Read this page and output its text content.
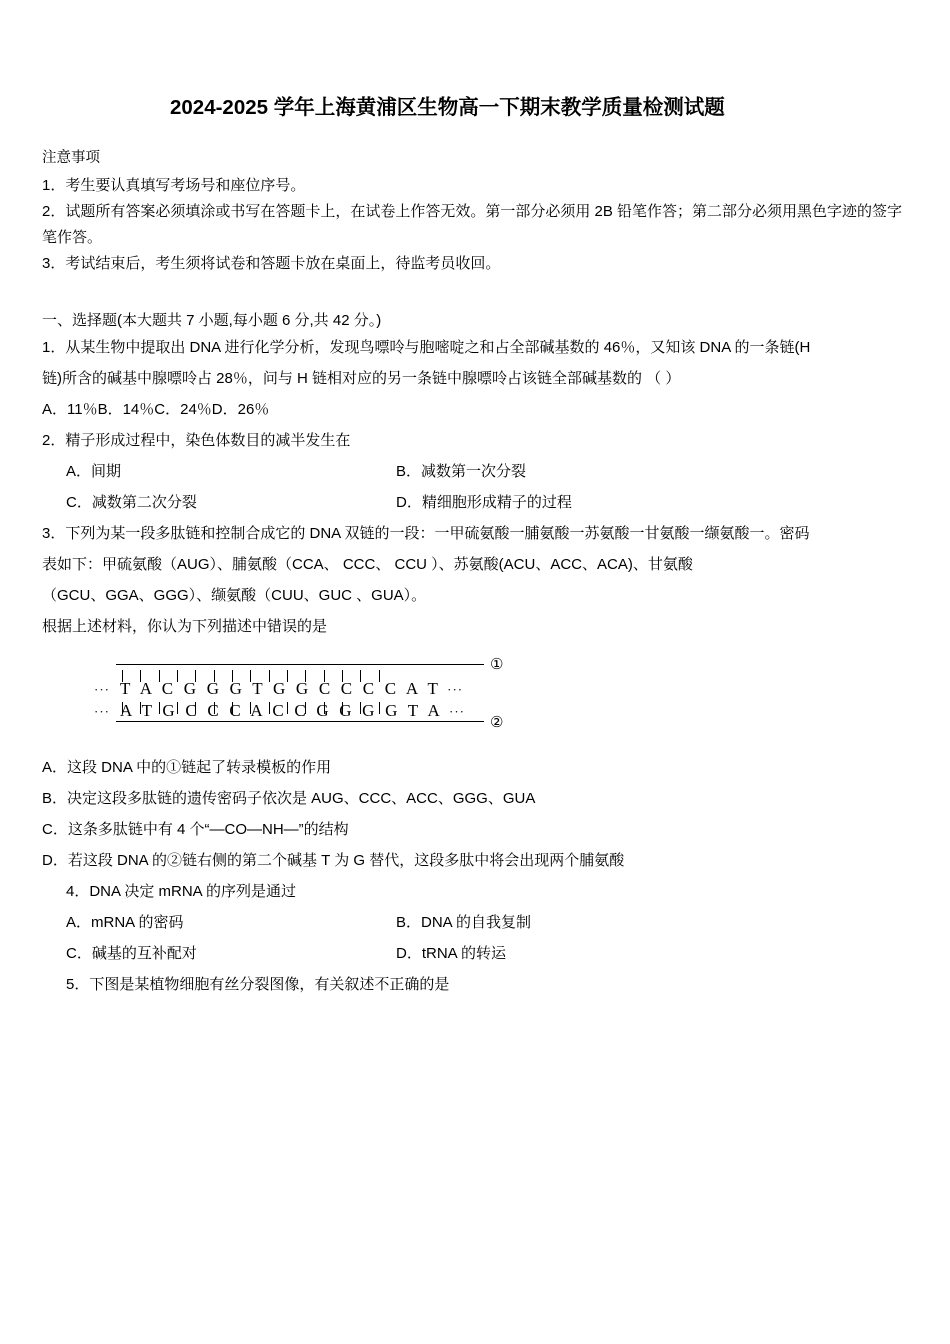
2024-2025 学年上海黄浦区生物高一下期末教学质量检测试题
注意事项

1．考生要认真填写考场号和座位序号。

2．试题所有答案必须填涂或书写在答题卡上，在试卷上作答无效。第一部分必须用 2B 铅笔作答；第二部分必须用黑色字迹的签字笔作答。

3．考试结束后，考生须将试卷和答题卡放在桌面上，待监考员收回。

一、选择题(本大题共 7 小题,每小题 6 分,共 42 分。)

1．从某生物中提取出 DNA 进行化学分析，发现鸟嘌呤与胞嘧啶之和占全部碱基数的 46％，又知该 DNA 的一条链(H

链)所含的碱基中腺嘌呤占 28％，问与 H 链相对应的另一条链中腺嘌呤占该链全部碱基数的 （ ）

A．11％B．14％C．24％D．26％

2．精子形成过程中，染色体数目的减半发生在

A．间期	B．减数第一次分裂
C．减数第二次分裂	D．精细胞形成精子的过程

3．下列为某一段多肽链和控制合成它的 DNA 双链的一段：一甲硫氨酸一脯氨酸一苏氨酸一甘氨酸一缬氨酸一。密码

表如下：甲硫氨酸（AUG）、脯氨酸（CCA、 CCC、 CCU ）、苏氨酸(ACU、ACC、ACA)、甘氨酸

（GCU、GGA、GGG）、缬氨酸（CUU、GUC 、GUA）。

根据上述材料，你认为下列描述中错误的是

··· T A C G G G T G G C C C C A T ···
··· A T G C C C A C C G G G G T A ···
①
②

A．这段 DNA 中的①链起了转录模板的作用

B．决定这段多肽链的遗传密码子依次是 AUG、CCC、ACC、GGG、GUA

C．这条多肽链中有 4 个“—CO—NH—”的结构

D．若这段 DNA 的②链右侧的第二个碱基 T 为 G 替代，这段多肽中将会出现两个脯氨酸

4．DNA 决定 mRNA 的序列是通过

A．mRNA 的密码	B．DNA 的自我复制
C．碱基的互补配对	D．tRNA 的转运

5．下图是某植物细胞有丝分裂图像，有关叙述不正确的是
